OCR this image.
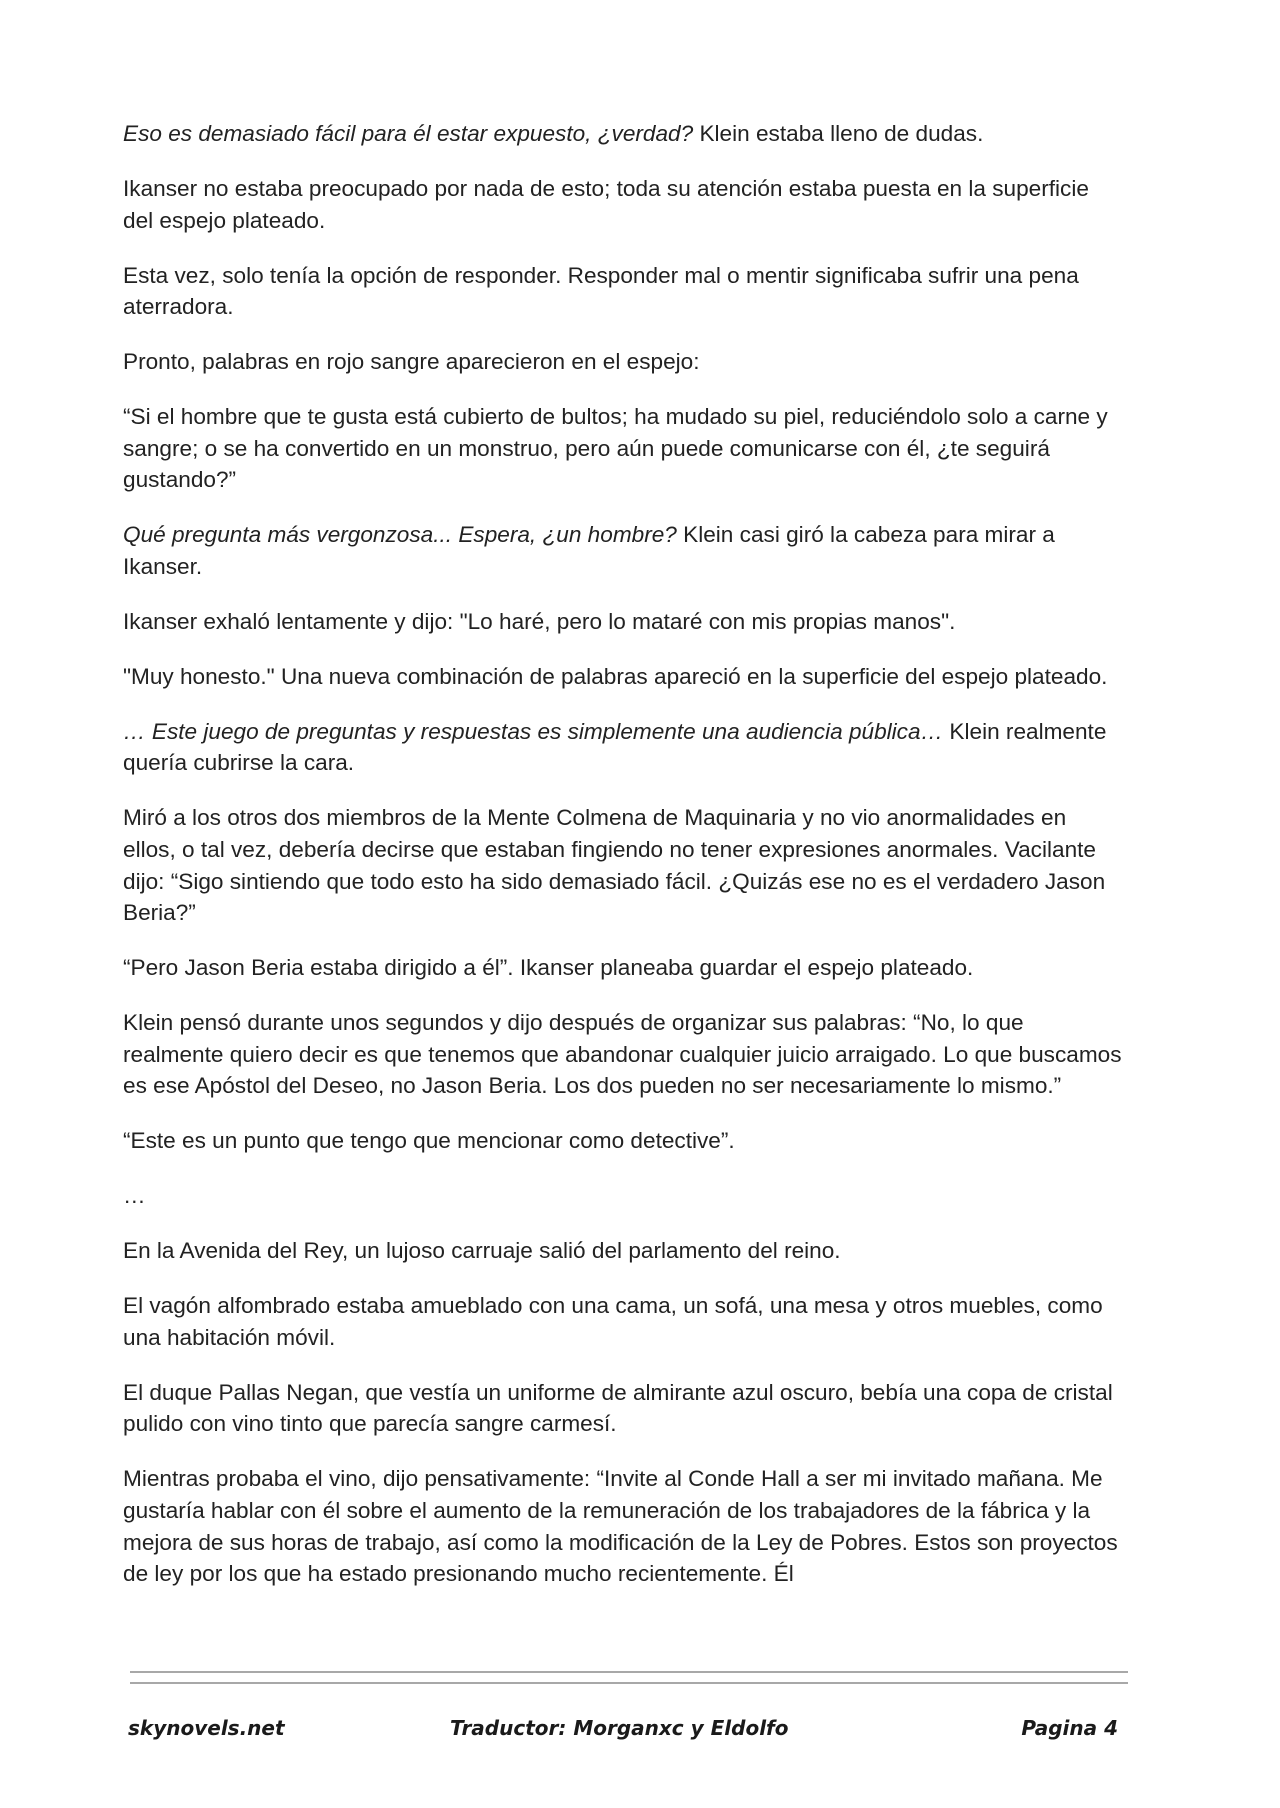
Eso es demasiado fácil para él estar expuesto, ¿verdad? Klein estaba lleno de dudas.

Ikanser no estaba preocupado por nada de esto; toda su atención estaba puesta en la superficie del espejo plateado.

Esta vez, solo tenía la opción de responder. Responder mal o mentir significaba sufrir una pena aterradora.

Pronto, palabras en rojo sangre aparecieron en el espejo:

“Si el hombre que te gusta está cubierto de bultos; ha mudado su piel, reduciéndolo solo a carne y sangre; o se ha convertido en un monstruo, pero aún puede comunicarse con él, ¿te seguirá gustando?”

Qué pregunta más vergonzosa... Espera, ¿un hombre? Klein casi giró la cabeza para mirar a Ikanser.

Ikanser exhaló lentamente y dijo: "Lo haré, pero lo mataré con mis propias manos".

"Muy honesto." Una nueva combinación de palabras apareció en la superficie del espejo plateado.

… Este juego de preguntas y respuestas es simplemente una audiencia pública… Klein realmente quería cubrirse la cara.

Miró a los otros dos miembros de la Mente Colmena de Maquinaria y no vio anormalidades en ellos, o tal vez, debería decirse que estaban fingiendo no tener expresiones anormales. Vacilante dijo: “Sigo sintiendo que todo esto ha sido demasiado fácil. ¿Quizás ese no es el verdadero Jason Beria?”

“Pero Jason Beria estaba dirigido a él”. Ikanser planeaba guardar el espejo plateado.

Klein pensó durante unos segundos y dijo después de organizar sus palabras: “No, lo que realmente quiero decir es que tenemos que abandonar cualquier juicio arraigado. Lo que buscamos es ese Apóstol del Deseo, no Jason Beria. Los dos pueden no ser necesariamente lo mismo.”

“Este es un punto que tengo que mencionar como detective”.

…

En la Avenida del Rey, un lujoso carruaje salió del parlamento del reino.

El vagón alfombrado estaba amueblado con una cama, un sofá, una mesa y otros muebles, como una habitación móvil.

El duque Pallas Negan, que vestía un uniforme de almirante azul oscuro, bebía una copa de cristal pulido con vino tinto que parecía sangre carmesí.

Mientras probaba el vino, dijo pensativamente: “Invite al Conde Hall a ser mi invitado mañana. Me gustaría hablar con él sobre el aumento de la remuneración de los trabajadores de la fábrica y la mejora de sus horas de trabajo, así como la modificación de la Ley de Pobres. Estos son proyectos de ley por los que ha estado presionando mucho recientemente. Él

skynovels.net	Traductor: Morganxc y Eldolfo	Pagina 4
